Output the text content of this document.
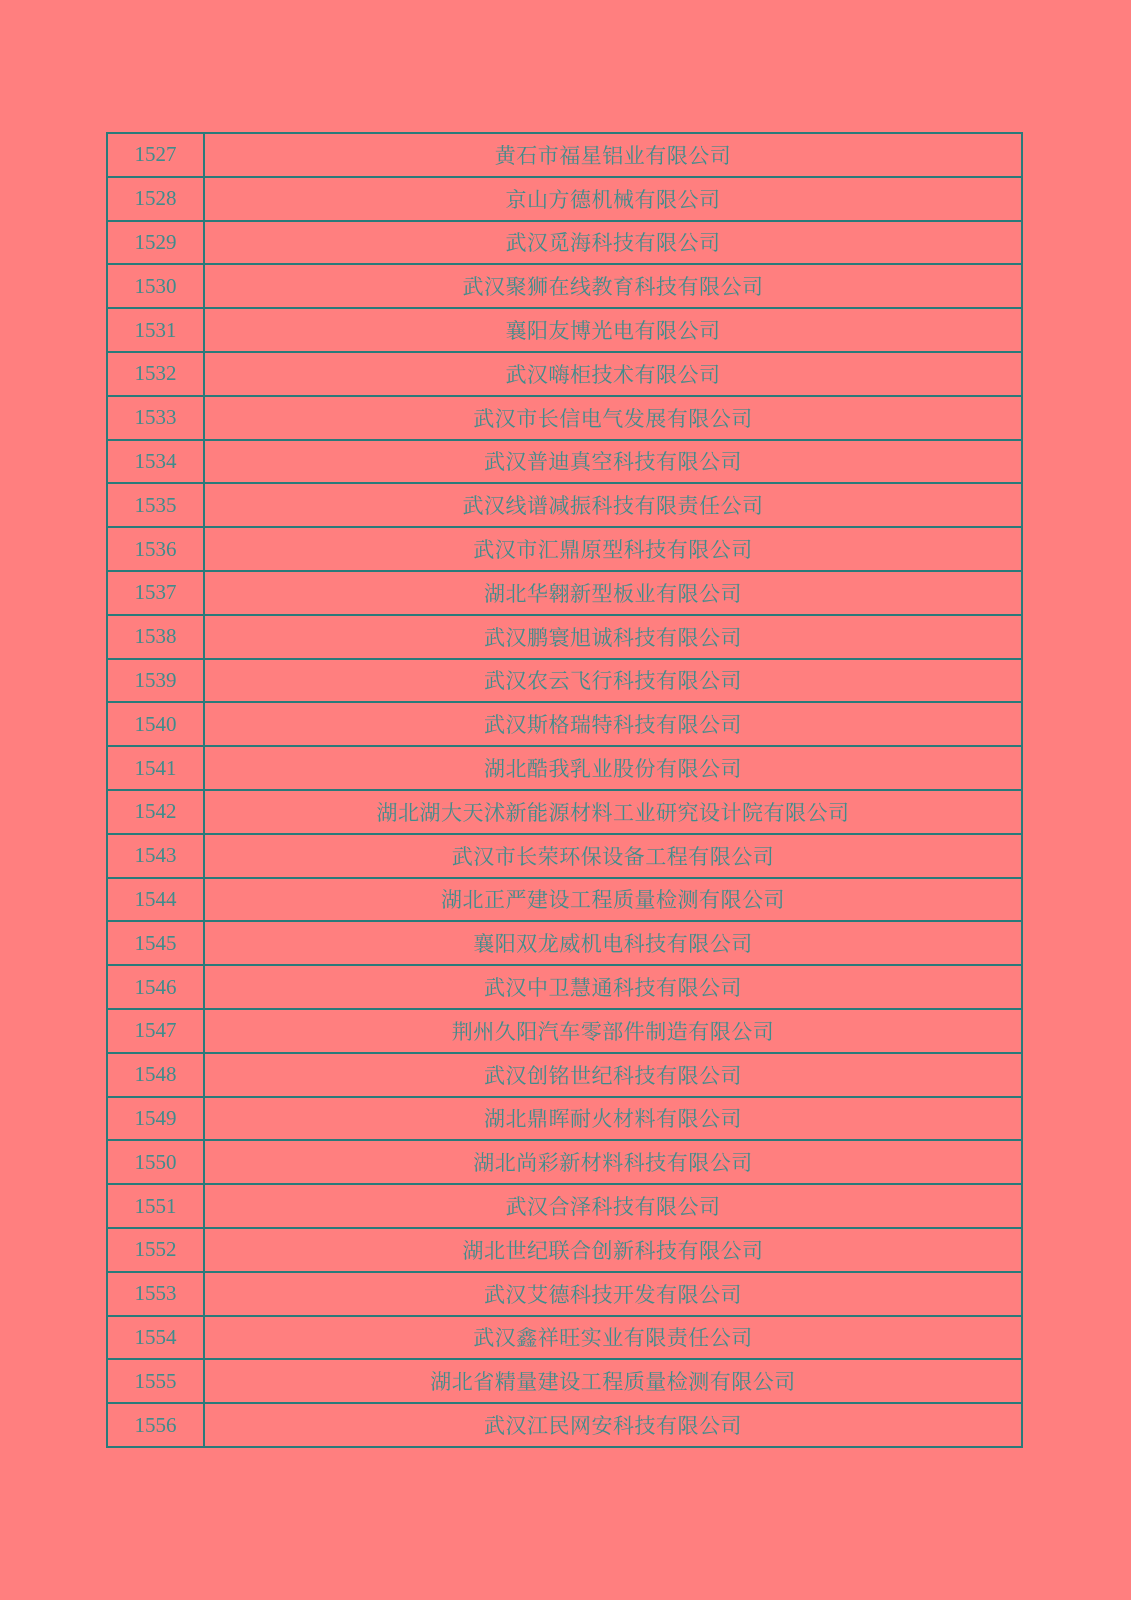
1527	黄石市福星铝业有限公司
1528	京山方德机械有限公司
1529	武汉觅海科技有限公司
1530	武汉聚狮在线教育科技有限公司
1531	襄阳友博光电有限公司
1532	武汉嗨柜技术有限公司
1533	武汉市长信电气发展有限公司
1534	武汉普迪真空科技有限公司
1535	武汉线谱减振科技有限责任公司
1536	武汉市汇鼎原型科技有限公司
1537	湖北华翱新型板业有限公司
1538	武汉鹏寰旭诚科技有限公司
1539	武汉农云飞行科技有限公司
1540	武汉斯格瑞特科技有限公司
1541	湖北酷我乳业股份有限公司
1542	湖北湖大天沭新能源材料工业研究设计院有限公司
1543	武汉市长荣环保设备工程有限公司
1544	湖北正严建设工程质量检测有限公司
1545	襄阳双龙威机电科技有限公司
1546	武汉中卫慧通科技有限公司
1547	荆州久阳汽车零部件制造有限公司
1548	武汉创铭世纪科技有限公司
1549	湖北鼎晖耐火材料有限公司
1550	湖北尚彩新材料科技有限公司
1551	武汉合泽科技有限公司
1552	湖北世纪联合创新科技有限公司
1553	武汉艾德科技开发有限公司
1554	武汉鑫祥旺实业有限责任公司
1555	湖北省精量建设工程质量检测有限公司
1556	武汉江民网安科技有限公司
